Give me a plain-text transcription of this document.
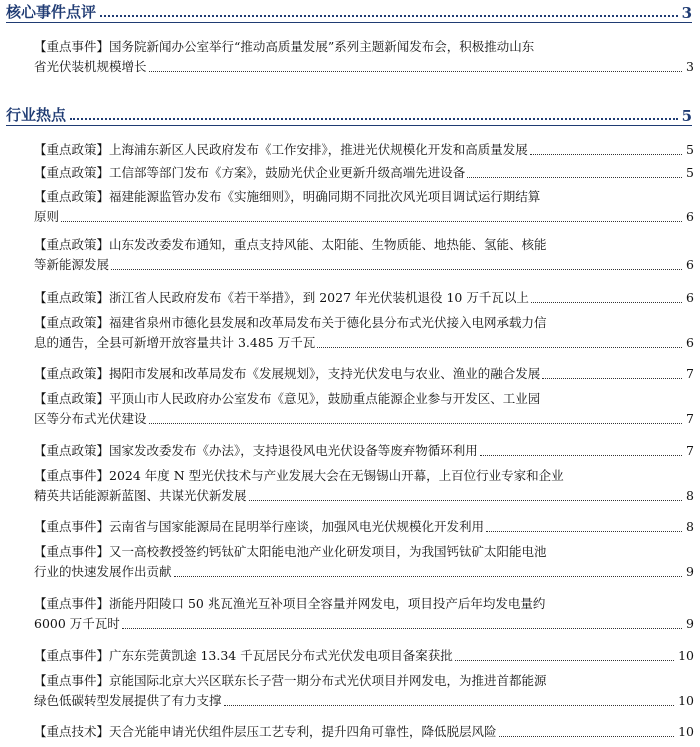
核心事件点评	3
【重点事件】国务院新闻办公室举行“推动高质量发展”系列主题新闻发布会，积极推动山东
省光伏装机规模增长	3
行业热点	5
【重点政策】上海浦东新区人民政府发布《工作安排》，推进光伏规模化开发和高质量发展	5
【重点政策】工信部等部门发布《方案》，鼓励光伏企业更新升级高端先进设备	5
【重点政策】福建能源监管办发布《实施细则》，明确同期不同批次风光项目调试运行期结算
原则	6
【重点政策】山东发改委发布通知，重点支持风能、太阳能、生物质能、地热能、氢能、核能
等新能源发展	6
【重点政策】浙江省人民政府发布《若干举措》，到 2027 年光伏装机退役 10 万千瓦以上	6
【重点政策】福建省泉州市德化县发展和改革局发布关于德化县分布式光伏接入电网承载力信
息的通告，全县可新增开放容量共计 3.485 万千瓦	6
【重点政策】揭阳市发展和改革局发布《发展规划》，支持光伏发电与农业、渔业的融合发展	7
【重点政策】平顶山市人民政府办公室发布《意见》，鼓励重点能源企业参与开发区、工业园
区等分布式光伏建设	7
【重点政策】国家发改委发布《办法》，支持退役风电光伏设备等废弃物循环利用	7
【重点事件】2024 年度 N 型光伏技术与产业发展大会在无锡锡山开幕，上百位行业专家和企业
精英共话能源新蓝图、共谋光伏新发展	8
【重点事件】云南省与国家能源局在昆明举行座谈，加强风电光伏规模化开发利用	8
【重点事件】又一高校教授签约钙钛矿太阳能电池产业化研发项目，为我国钙钛矿太阳能电池
行业的快速发展作出贡献	9
【重点事件】浙能丹阳陵口 50 兆瓦渔光互补项目全容量并网发电，项目投产后年均发电量约
6000 万千瓦时	9
【重点事件】广东东莞黄凯途 13.34 千瓦居民分布式光伏发电项目备案获批	10
【重点事件】京能国际北京大兴区联东长子营一期分布式光伏项目并网发电，为推进首都能源
绿色低碳转型发展提供了有力支撑	10
【重点技术】天合光能申请光伏组件层压工艺专利，提升四角可靠性，降低脱层风险	10
